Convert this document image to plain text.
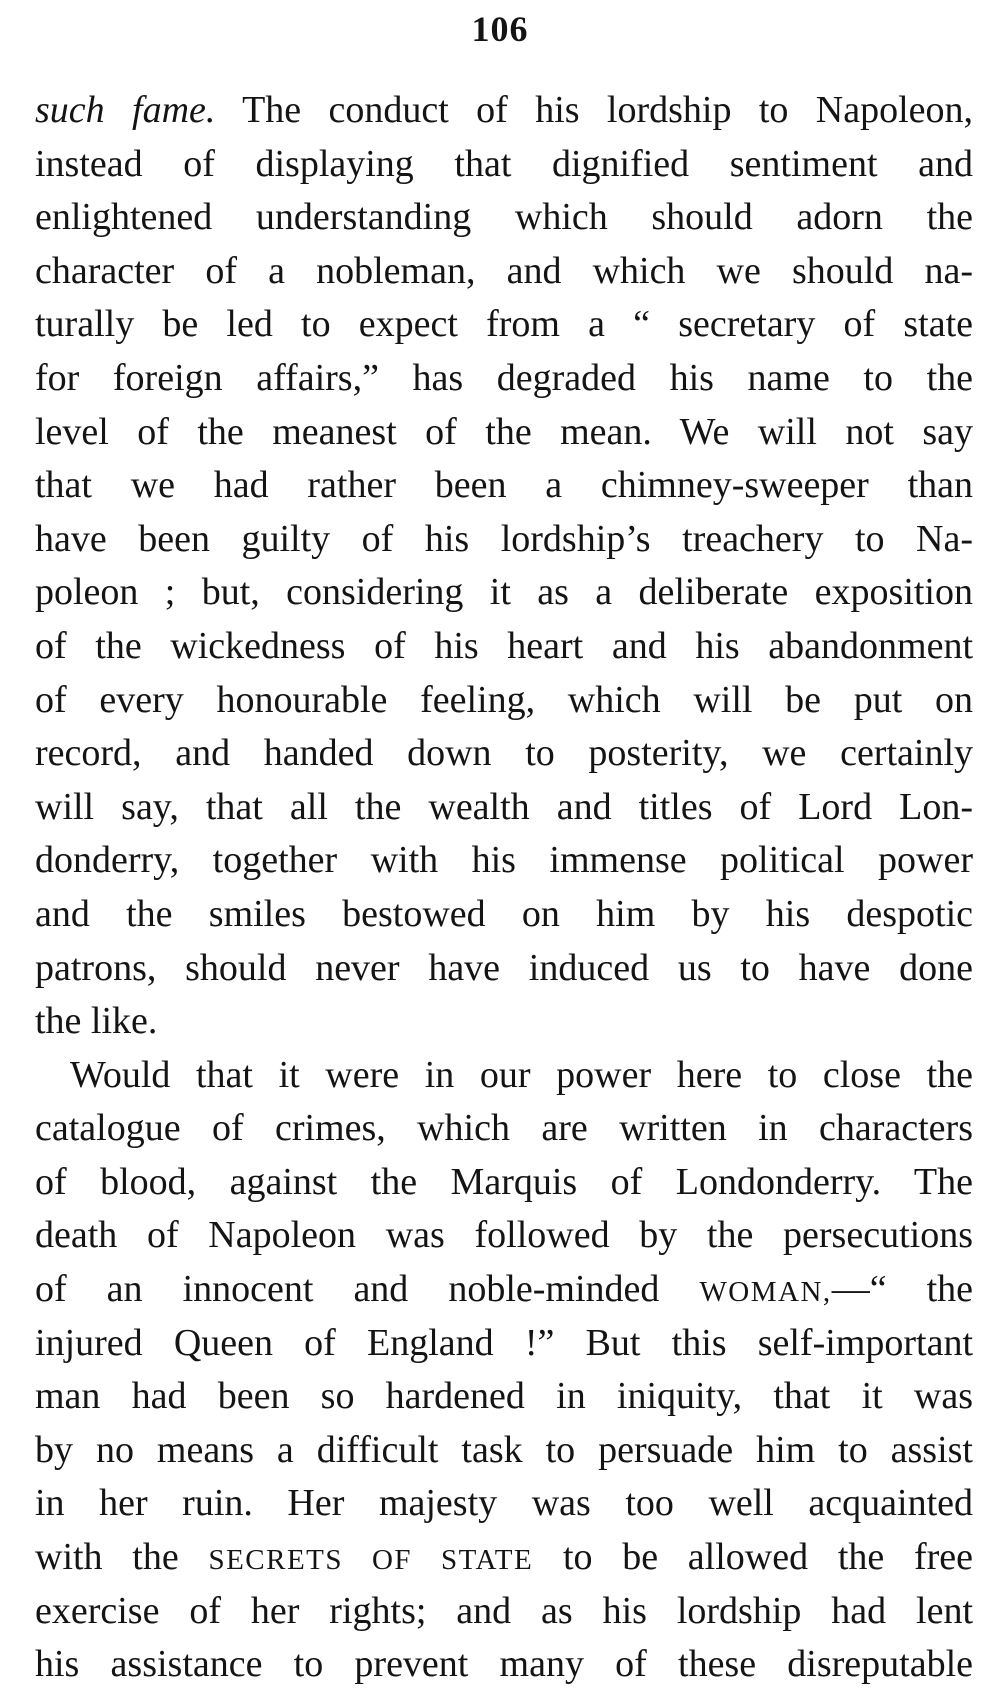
106
such fame. The conduct of his lordship to Napoleon,
instead of displaying that dignified sentiment and
enlightened understanding which should adorn the
character of a nobleman, and which we should na-
turally be led to expect from a “ secretary of state
for foreign affairs,” has degraded his name to the
level of the meanest of the mean. We will not say
that we had rather been a chimney-sweeper than
have been guilty of his lordship’s treachery to Na-
poleon ; but, considering it as a deliberate exposition
of the wickedness of his heart and his abandonment
of every honourable feeling, which will be put on
record, and handed down to posterity, we certainly
will say, that all the wealth and titles of Lord Lon-
donderry, together with his immense political power
and the smiles bestowed on him by his despotic
patrons, should never have induced us to have done
the like.
Would that it were in our power here to close the
catalogue of crimes, which are written in characters
of blood, against the Marquis of Londonderry. The
death of Napoleon was followed by the persecutions
of an innocent and noble-minded WOMAN,—“ the
injured Queen of England !” But this self-important
man had been so hardened in iniquity, that it was
by no means a difficult task to persuade him to assist
in her ruin. Her majesty was too well acquainted
with the SECRETS OF STATE to be allowed the free
exercise of her rights; and as his lordship had lent
his assistance to prevent many of these disreputable
